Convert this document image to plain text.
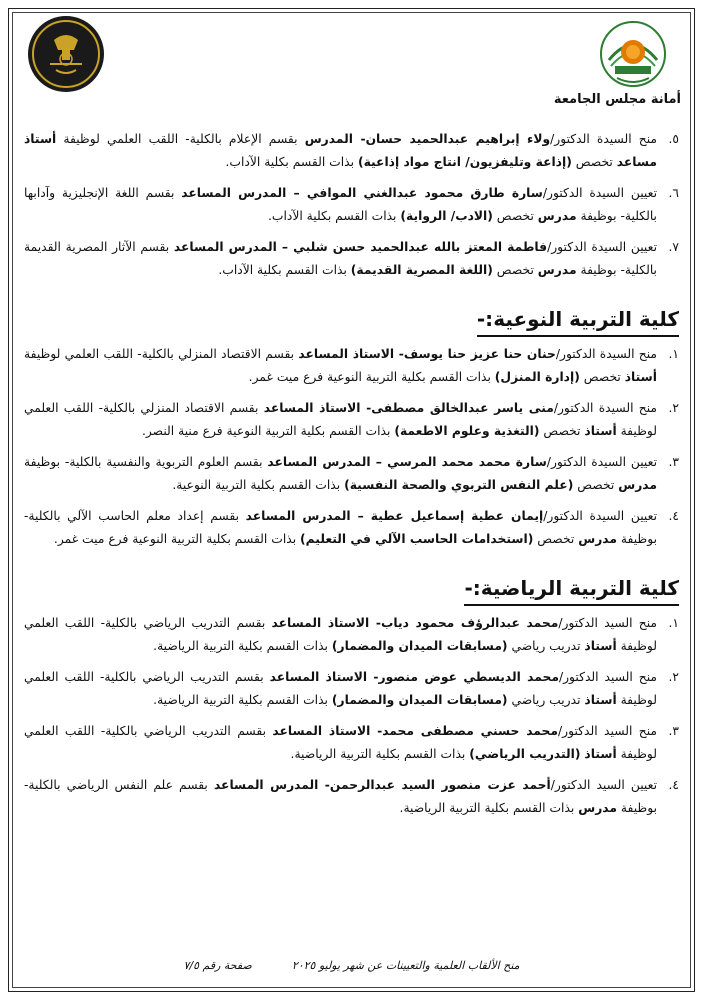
أمانة مجلس الجامعة
٥.
منح السيدة الدكتور/ولاء إبراهيم عبدالحميد حسان- المدرس بقسم الإعلام بالكلية- اللقب العلمي لوظيفة أستاذ مساعد تخصص (إذاعة وتليفزيون/ انتاج مواد إذاعية) بذات القسم بكلية الآداب.
٦.
تعيين السيدة الدكتور/سارة طارق محمود عبدالغني الموافي – المدرس المساعد بقسم اللغة الإنجليزية وآدابها بالكلية- بوظيفة مدرس تخصص (الادب/ الرواية) بذات القسم بكلية الآداب.
٧.
تعيين السيدة الدكتور/فاطمة المعتز بالله عبدالحميد حسن شلبي – المدرس المساعد بقسم الآثار المصرية القديمة بالكلية- بوظيفة مدرس تخصص (اللغة المصرية القديمة) بذات القسم بكلية الآداب.
كلية التربية النوعية:-
١.
منح السيدة الدكتور/حنان حنا عزيز حنا يوسف- الاستاذ المساعد بقسم الاقتصاد المنزلي بالكلية- اللقب العلمي لوظيفة أستاذ تخصص (إدارة المنزل) بذات القسم بكلية التربية النوعية فرع ميت غمر.
٢.
منح السيدة الدكتور/منى ياسر عبدالخالق مصطفى- الاستاذ المساعد بقسم الاقتصاد المنزلي بالكلية- اللقب العلمي لوظيفة أستاذ تخصص (التغذية وعلوم الاطعمة) بذات القسم بكلية التربية النوعية فرع منية النصر.
٣.
تعيين السيدة الدكتور/سارة محمد محمد المرسي – المدرس المساعد بقسم العلوم التربوية والنفسية بالكلية- بوظيفة مدرس تخصص (علم النفس التربوي والصحة النفسية) بذات القسم بكلية التربية النوعية.
٤.
تعيين السيدة الدكتور/إيمان عطية إسماعيل عطية – المدرس المساعد بقسم إعداد معلم الحاسب الآلي بالكلية- بوظيفة مدرس تخصص (استخدامات الحاسب الآلي في التعليم) بذات القسم بكلية التربية النوعية فرع ميت غمر.
كلية التربية الرياضية:-
١.
منح السيد الدكتور/محمد عبدالرؤف محمود دياب- الاستاذ المساعد بقسم التدريب الرياضي بالكلية- اللقب العلمي لوظيفة أستاذ تدريب رياضي (مسابقات الميدان والمضمار) بذات القسم بكلية التربية الرياضية.
٢.
منح السيد الدكتور/محمد الديسطي عوض منصور- الاستاذ المساعد بقسم التدريب الرياضي بالكلية- اللقب العلمي لوظيفة أستاذ تدريب رياضي (مسابقات الميدان والمضمار) بذات القسم بكلية التربية الرياضية.
٣.
منح السيد الدكتور/محمد حسني مصطفى محمد- الاستاذ المساعد بقسم التدريب الرياضي بالكلية- اللقب العلمي لوظيفة أستاذ (التدريب الرياضي) بذات القسم بكلية التربية الرياضية.
٤.
تعيين السيد الدكتور/أحمد عزت منصور السيد عبدالرحمن- المدرس المساعد بقسم علم النفس الرياضي بالكلية- بوظيفة مدرس بذات القسم بكلية التربية الرياضية.
منح الألقاب العلمية والتعيينات عن شهر يوليو ٢٠٢٥
صفحة رقم ٧/٥
